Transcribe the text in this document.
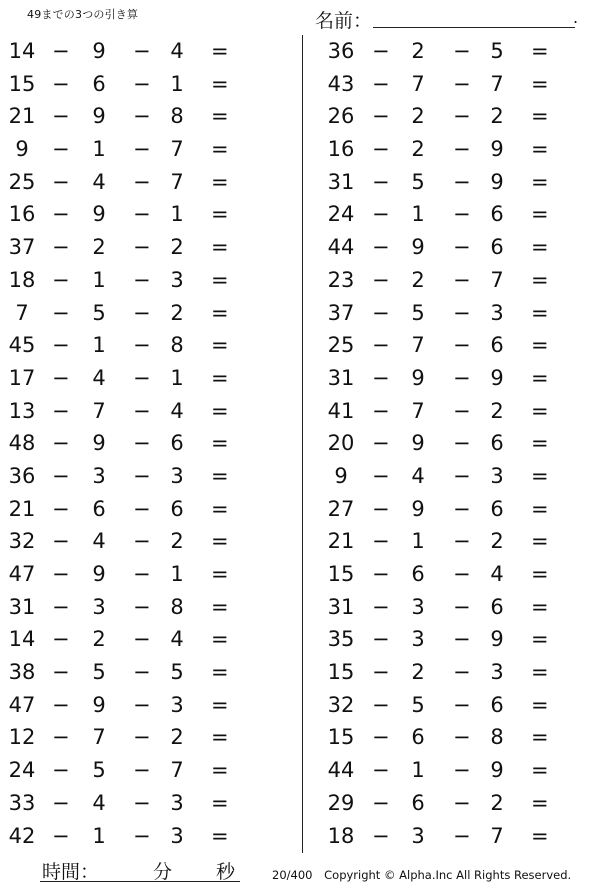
49までの3つの引き算	名前：	.
14 − 9 − 4 =
15 − 6 − 1 =
21 − 9 − 8 =
9	− 1 − 7 =
25 − 4 − 7 =
16 − 9 − 1 =
37 − 2 − 2 =
18 − 1 − 3 =
7	− 5 − 2 =
45 − 1 − 8 =
17 − 4 − 1 =
13 − 7 − 4 =
48 − 9 − 6 =
36 − 3 − 3 =
21 − 6 − 6 =
32 − 4 − 2 =
47 − 9 − 1 =
31 − 3 − 8 =
14 − 2 − 4 =
38 − 5 − 5 =
47 − 9 − 3 =
12 − 7 − 2 =
24 − 5 − 7 =
33 − 4 − 3 =
42 − 1 − 3 =
36 − 2 − 5 =
43 − 7 − 7 =
26 − 2 − 2 =
16 − 2 − 9 =
31 − 5 − 9 =
24 − 1 − 6 =
44 − 9 − 6 =
23 − 2 − 7 =
37 − 5 − 3 =
25 − 7 − 6 =
31 − 9 − 9 =
41 − 7 − 2 =
20 − 9 − 6 =
9	− 4 − 3 =
27 − 9 − 6 =
21 − 1 − 2 =
15 − 6 − 4 =
31 − 3 − 6 =
35 − 3 − 9 =
15 − 2 − 3 =
32 − 5 − 6 =
15 − 6 − 8 =
44 − 1 − 9 =
29 − 6 − 2 =
18 − 3 − 7 =
時間：	分 秒	20/400 Copyright © Alpha.Inc All Rights Reserved.
